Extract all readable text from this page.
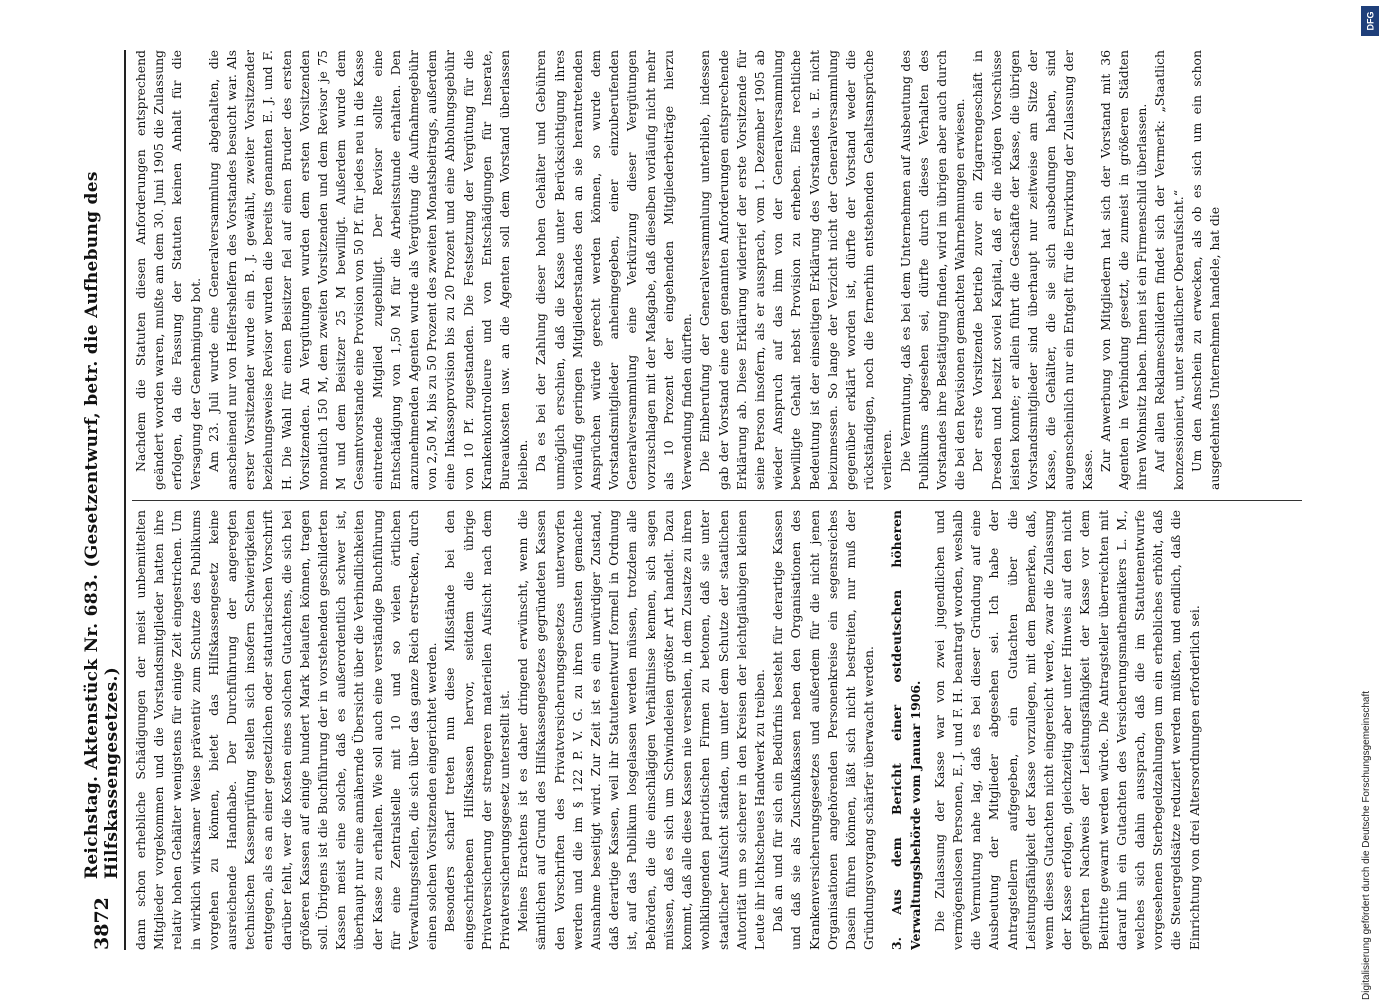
3872
Reichstag. Aktenstück Nr. 683. (Gesetzentwurf, betr. die Aufhebung des Hilfskassengesetzes.) dann schon erhebliche Schädigungen der meist unbemittelten Mitglieder vorgekommen und die Vorstandsmitglieder hatten ihre relativ hohen Gehälter wenigstens für einige Zeit eingestrichen. Um in wirklich wirksamer Weise präventiv zum Schutze des Publikums vorgehen zu können, bietet das Hilfskassengesetz keine ausreichende Handhabe. Der Durchführung der angeregten technischen Kassenprüfung stellen sich insofern Schwierigkeiten entgegen, als es an einer gesetzlichen oder statutarischen Vorschrift darüber fehlt, wer die Kosten eines solchen Gutachtens, die sich bei größeren Kassen auf einige hundert Mark belaufen können, tragen soll. Übrigens ist die Buchführung der in vorstehenden geschilderten Kassen meist eine solche, daß es außerordentlich schwer ist, überhaupt nur eine annähernde Übersicht über die Verbindlichkeiten der Kasse zu erhalten. Wie soll auch eine verständige Buchführung für eine Zentralstelle mit 10 und so vielen örtlichen Verwaltungsstellen, die sich über das ganze Reich erstrecken, durch einen solchen Vorsitzenden eingerichtet werden. Besonders scharf treten nun diese Mißstände bei den eingeschriebenen Hilfskassen hervor, seitdem die übrige Privatversicherung der strengeren materiellen Aufsicht nach dem Privatversicherungsgesetz unterstellt ist. Meines Erachtens ist es daher dringend erwünscht, wenn die sämtlichen auf Grund des Hilfskassengesetzes gegründeten Kassen den Vorschriften des Privatversicherungsgesetzes unterworfen werden und die im § 122 P. V. G. zu ihren Gunsten gemachte Ausnahme beseitigt wird. Zur Zeit ist es ein unwürdiger Zustand, daß derartige Kassen, weil ihr Statutenentwurf formell in Ordnung ist, auf das Publikum losgelassen werden müssen, trotzdem alle Behörden, die die einschlägigen Verhältnisse kennen, sich sagen müssen, daß es sich um Schwindeleien größter Art handelt. Dazu kommt, daß alle diese Kassen nie versehlen, in dem Zusatze zu ihren wohlklingenden patriotischen Firmen zu betonen, daß sie unter staatlicher Aufsicht ständen, um unter dem Schutze der staatlichen Autorität um so sicherer in den Kreisen der leichtgläubigen kleinen Leute ihr lichtscheues Handwerk zu treiben. Daß an und für sich ein Bedürfnis besteht für derartige Kassen und daß sie als Zuschußkassen neben den Organisationen des Krankenversicherungsgesetzes und außerdem für die nicht jenen Organisationen angehörenden Personenkreise ein segensreiches Dasein führen können, läßt sich nicht bestreiten, nur muß der Gründungsvorgang schärfer überwacht werden. 3. Aus dem Bericht einer ostdeutschen höheren Verwaltungsbehörde vom Januar 1906. Die Zulassung der Kasse war von zwei jugendlichen und vermögenslosen Personen, E. J. und F. H. beantragt worden, weshalb die Vermutung nahe lag, daß es bei dieser Gründung auf eine Ausbeutung der Mitglieder abgesehen sei. Ich habe der Antragstellern aufgegeben, ein Gutachten über die Leistungsfähigkeit der Kasse vorzulegen, mit dem Bemerken, daß, wenn dieses Gutachten nicht eingereicht werde, zwar die Zulassung der Kasse erfolgen, gleichzeitig aber unter Hinweis auf den nicht geführten Nachweis der Leistungsfähigkeit der Kasse vor dem Beitritte gewarnt werden würde. Die Antragsteller überreichten mit darauf hin ein Gutachten des Versicherungsmathematikers L. M., welches sich dahin aussprach, daß die im Statutenentwurfe vorgesehenen Sterbegeldzahlungen um ein erhebliches erhöht, daß die Steuergeldsätze reduziert werden müßten, und endlich, daß die Einrichtung von drei Altersordnungen erforderlich sei.

Nachdem die Statuten diesen Anforderungen entsprechend geändert worden waren, mußte am dem 30. Juni 1905 die Zulassung erfolgen, da die Fassung der Statuten keinen Anhalt für die Versagung der Genehmigung bot. Am 23. Juli wurde eine Generalversammlung abgehalten, die anscheinend nur von Helfershelfern des Vorstandes besucht war. Als erster Vorsitzender wurde ein B. J. gewählt, zweiter Vorsitzender beziehungsweise Revisor wurden die bereits genannten E. J. und F. H. Die Wahl für einen Beisitzer fiel auf einen Bruder des ersten Vorsitzenden. An Vergütungen wurden dem ersten Vorsitzenden monatlich 150 M, dem zweiten Vorsitzenden und dem Revisor je 75 M und dem Beisitzer 25 M bewilligt. Außerdem wurde dem Gesamtvorstande eine Provision von 50 Pf. für jedes neu in die Kasse eintretende Mitglied zugebilligt. Der Revisor sollte eine Entschädigung von 1,50 M für die Arbeitsstunde erhalten. Den anzunehmenden Agenten wurde als Vergütung die Aufnahmegebühr von 2,50 M, bis zu 50 Prozent des zweiten Monatsbeitrags, außerdem eine Inkassoprovision bis zu 20 Prozent und eine Abholungsgebühr von 10 Pf. zugestanden. Die Festsetzung der Vergütung für die Krankenkontrolleure und von Entschädigungen für Inserate, Bureaukosten usw. an die Agenten soll dem Vorstand überlassen bleiben. Da es bei der Zahlung dieser hohen Gehälter und Gebühren unmöglich erschien, daß die Kasse unter Berücksichtigung ihres vorläufig geringen Mitgliederstandes den an sie herantretenden Ansprüchen würde gerecht werden können, so wurde dem Vorstandsmitglieder anheimgegeben, einer einzuberufenden Generalversammlung eine Verkürzung dieser Vergütungen vorzuschlagen mit der Maßgabe, daß dieselben vorläufig nicht mehr als 10 Prozent der eingehenden Mitgliederbeiträge hierzu Verwendung finden dürften. Die Einberufung der Generalversammlung unterblieb, indessen gab der Vorstand eine den genannten Anforderungen entsprechende Erklärung ab. Diese Erklärung widerrief der erste Vorsitzende für seine Person insofern, als er aussprach, vom 1. Dezember 1905 ab wieder Anspruch auf das ihm von der Generalversammlung bewilligte Gehalt nebst Provision zu erheben. Eine rechtliche Bedeutung ist der einseitigen Erklärung des Vorstandes u. E. nicht beizumessen. So lange der Verzicht nicht der Generalversammlung gegenüber erklärt worden ist, dürfte der Vorstand weder die rückständigen, noch die fernerhin entstehenden Gehaltsansprüche verlieren. Die Vermutung, daß es bei dem Unternehmen auf Ausbeutung des Publikums abgesehen sei, dürfte durch dieses Verhalten des Vorstandes ihre Bestätigung finden, wird im übrigen aber auch durch die bei den Revisionen gemachten Wahrnehmungen erwiesen. Der erste Vorsitzende betrieb zuvor ein Zigarrengeschäft in Dresden und besitzt soviel Kapital, daß er die nötigen Vorschüsse leisten konnte; er allein führt die Geschäfte der Kasse, die übrigen Vorstandsmitglieder sind überhaupt nur zeitweise am Sitze der Kasse, die Gehälter, die sie sich ausbedungen haben, sind augenscheinlich nur ein Entgelt für die Erwirkung der Zulassung der Kasse. Zur Anwerbung von Mitgliedern hat sich der Vorstand mit 36 Agenten in Verbindung gesetzt, die zumeist in größeren Städten ihren Wohnsitz haben. Ihnen ist ein Firmenschild überlassen. Auf allen Reklameschildern findet sich der Vermerk: „Staatlich konzessioniert, unter staatlicher Oberaufsicht.“ Um den Anschein zu erwecken, als ob es sich um ein schon ausgedehntes Unternehmen handele, hat die

Digitalisierung gefördert durch die Deutsche Forschungsgemeinschaft
DFG
